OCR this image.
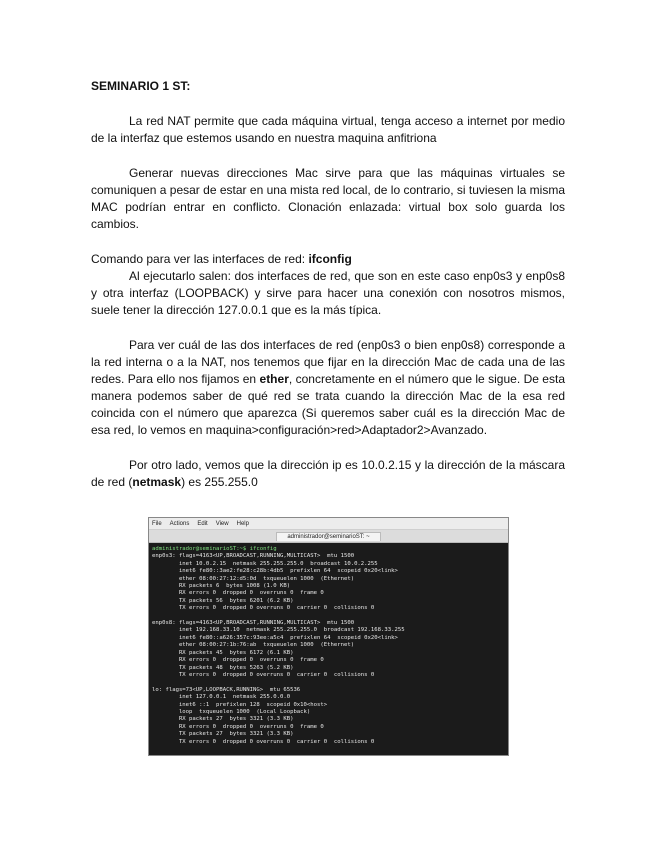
SEMINARIO 1 ST:

La red NAT permite que cada máquina virtual, tenga acceso a internet por medio de la interfaz que estemos usando en nuestra maquina anfitriona

Generar nuevas direcciones Mac sirve para que las máquinas virtuales se comuniquen a pesar de estar en una mista red local, de lo contrario, si tuviesen la misma MAC podrían entrar en conflicto. Clonación enlazada: virtual box solo guarda los cambios.

Comando para ver las interfaces de red: ifconfig

Al ejecutarlo salen: dos interfaces de red, que son en este caso enp0s3 y enp0s8 y otra interfaz (LOOPBACK) y sirve para hacer una conexión con nosotros mismos, suele tener la dirección 127.0.0.1 que es la más típica.

Para ver cuál de las dos interfaces de red (enp0s3 o bien enp0s8) corresponde a la red interna o a la NAT, nos tenemos que fijar en la dirección Mac de cada una de las redes. Para ello nos fijamos en ether, concretamente en el número que le sigue. De esta manera podemos saber de qué red se trata cuando la dirección Mac de la esa red coincida con el número que aparezca (Si queremos saber cuál es la dirección Mac de esa red, lo vemos en maquina>configuración>red>Adaptador2>Avanzado.

Por otro lado, vemos que la dirección ip es 10.0.2.15 y la dirección de la máscara de red (netmask) es 255.255.0

File Actions Edit View Help
administrador@seminarioST: ~
administrador@seminarioST:~$ ifconfig
enp0s3: flags=4163<UP,BROADCAST,RUNNING,MULTICAST>  mtu 1500
inet 10.0.2.15  netmask 255.255.255.0  broadcast 10.0.2.255
inet6 fe80::3ae2:fe28:c28b:4db5  prefixlen 64  scopeid 0x20<link>
ether 08:00:27:12:d5:0d  txqueuelen 1000  (Ethernet)
RX packets 6  bytes 1008 (1.0 KB)
RX errors 0  dropped 0  overruns 0  frame 0
TX packets 56  bytes 6201 (6.2 KB)
TX errors 0  dropped 0 overruns 0  carrier 0  collisions 0

enp0s8: flags=4163<UP,BROADCAST,RUNNING,MULTICAST>  mtu 1500
inet 192.168.33.10  netmask 255.255.255.0  broadcast 192.168.33.255
inet6 fe80::a626:357c:93ee:a5c4  prefixlen 64  scopeid 0x20<link>
ether 08:00:27:1b:76:ab  txqueuelen 1000  (Ethernet)
RX packets 45  bytes 6172 (6.1 KB)
RX errors 0  dropped 0  overruns 0  frame 0
TX packets 48  bytes 5263 (5.2 KB)
TX errors 0  dropped 0 overruns 0  carrier 0  collisions 0

lo: flags=73<UP,LOOPBACK,RUNNING>  mtu 65536
inet 127.0.0.1  netmask 255.0.0.0
inet6 ::1  prefixlen 128  scopeid 0x10<host>
loop  txqueuelen 1000  (Local Loopback)
RX packets 27  bytes 3321 (3.3 KB)
RX errors 0  dropped 0  overruns 0  frame 0
TX packets 27  bytes 3321 (3.3 KB)
TX errors 0  dropped 0 overruns 0  carrier 0  collisions 0
